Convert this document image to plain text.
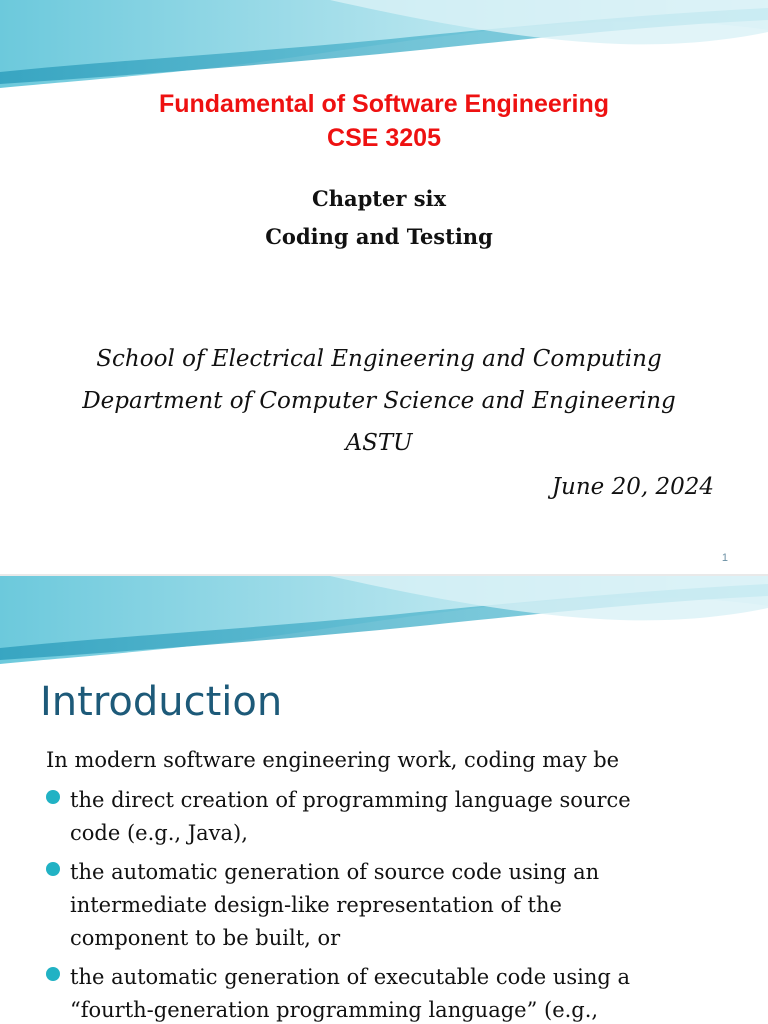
Fundamental of Software Engineering
CSE 3205
Chapter six
Coding and Testing
School of Electrical Engineering and Computing
Department of Computer Science and Engineering
ASTU
June 20, 2024
1
Introduction
In modern software engineering work, coding may be
the direct creation of programming language source
code (e.g., Java),
the automatic generation of source code using an
intermediate design-like representation of the
component to be built, or
the automatic generation of executable code using a
“fourth-generation programming language” (e.g.,
